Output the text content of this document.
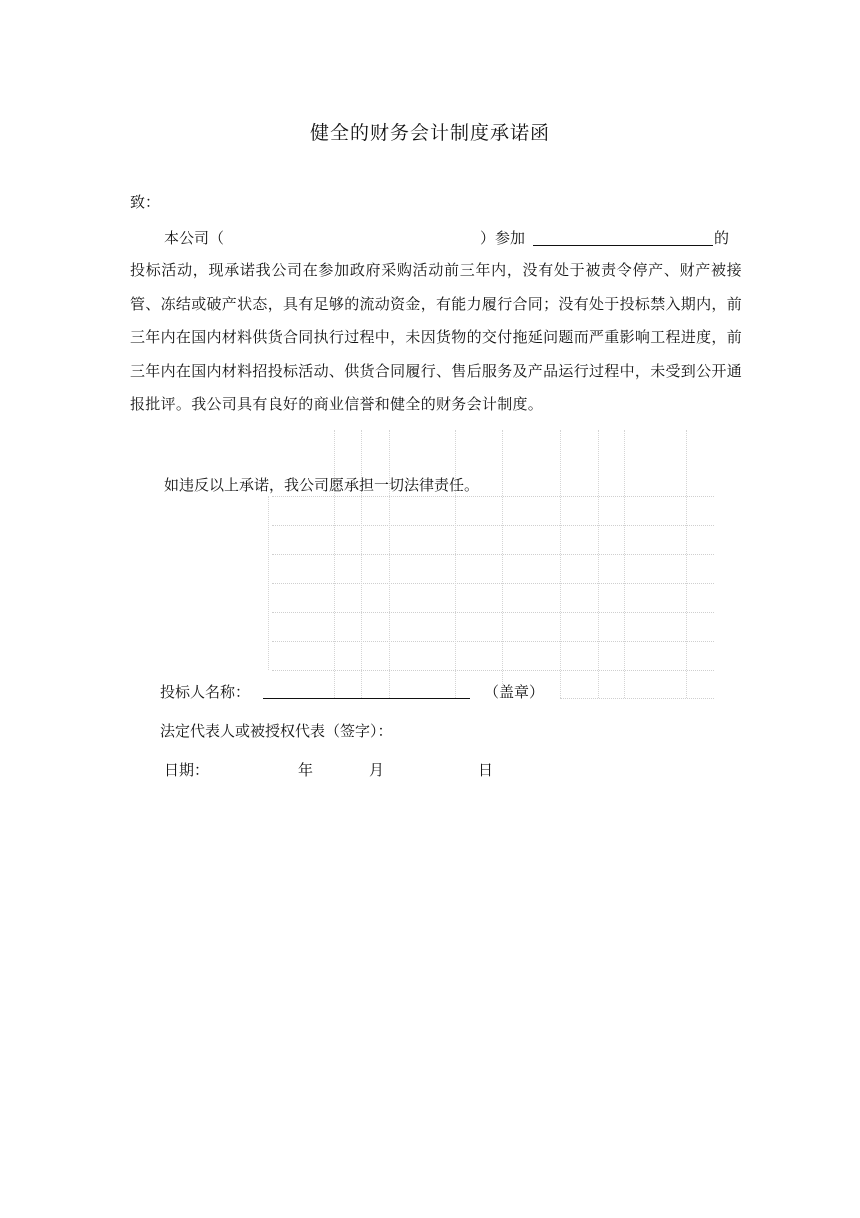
健全的财务会计制度承诺函
致：
本公司（	）参加	的
投标活动，现承诺我公司在参加政府采购活动前三年内，没有处于被责令停产、财产被接管、冻结或破产状态，具有足够的流动资金，有能力履行合同；没有处于投标禁入期内，前三年内在国内材料供货合同执行过程中，未因货物的交付拖延问题而严重影响工程进度，前三年内在国内材料招投标活动、供货合同履行、售后服务及产品运行过程中，未受到公开通报批评。我公司具有良好的商业信誉和健全的财务会计制度。
如违反以上承诺，我公司愿承担一切法律责任。
投标人名称：	（盖章）
法定代表人或被授权代表（签字）：
日期：	年	月	日
